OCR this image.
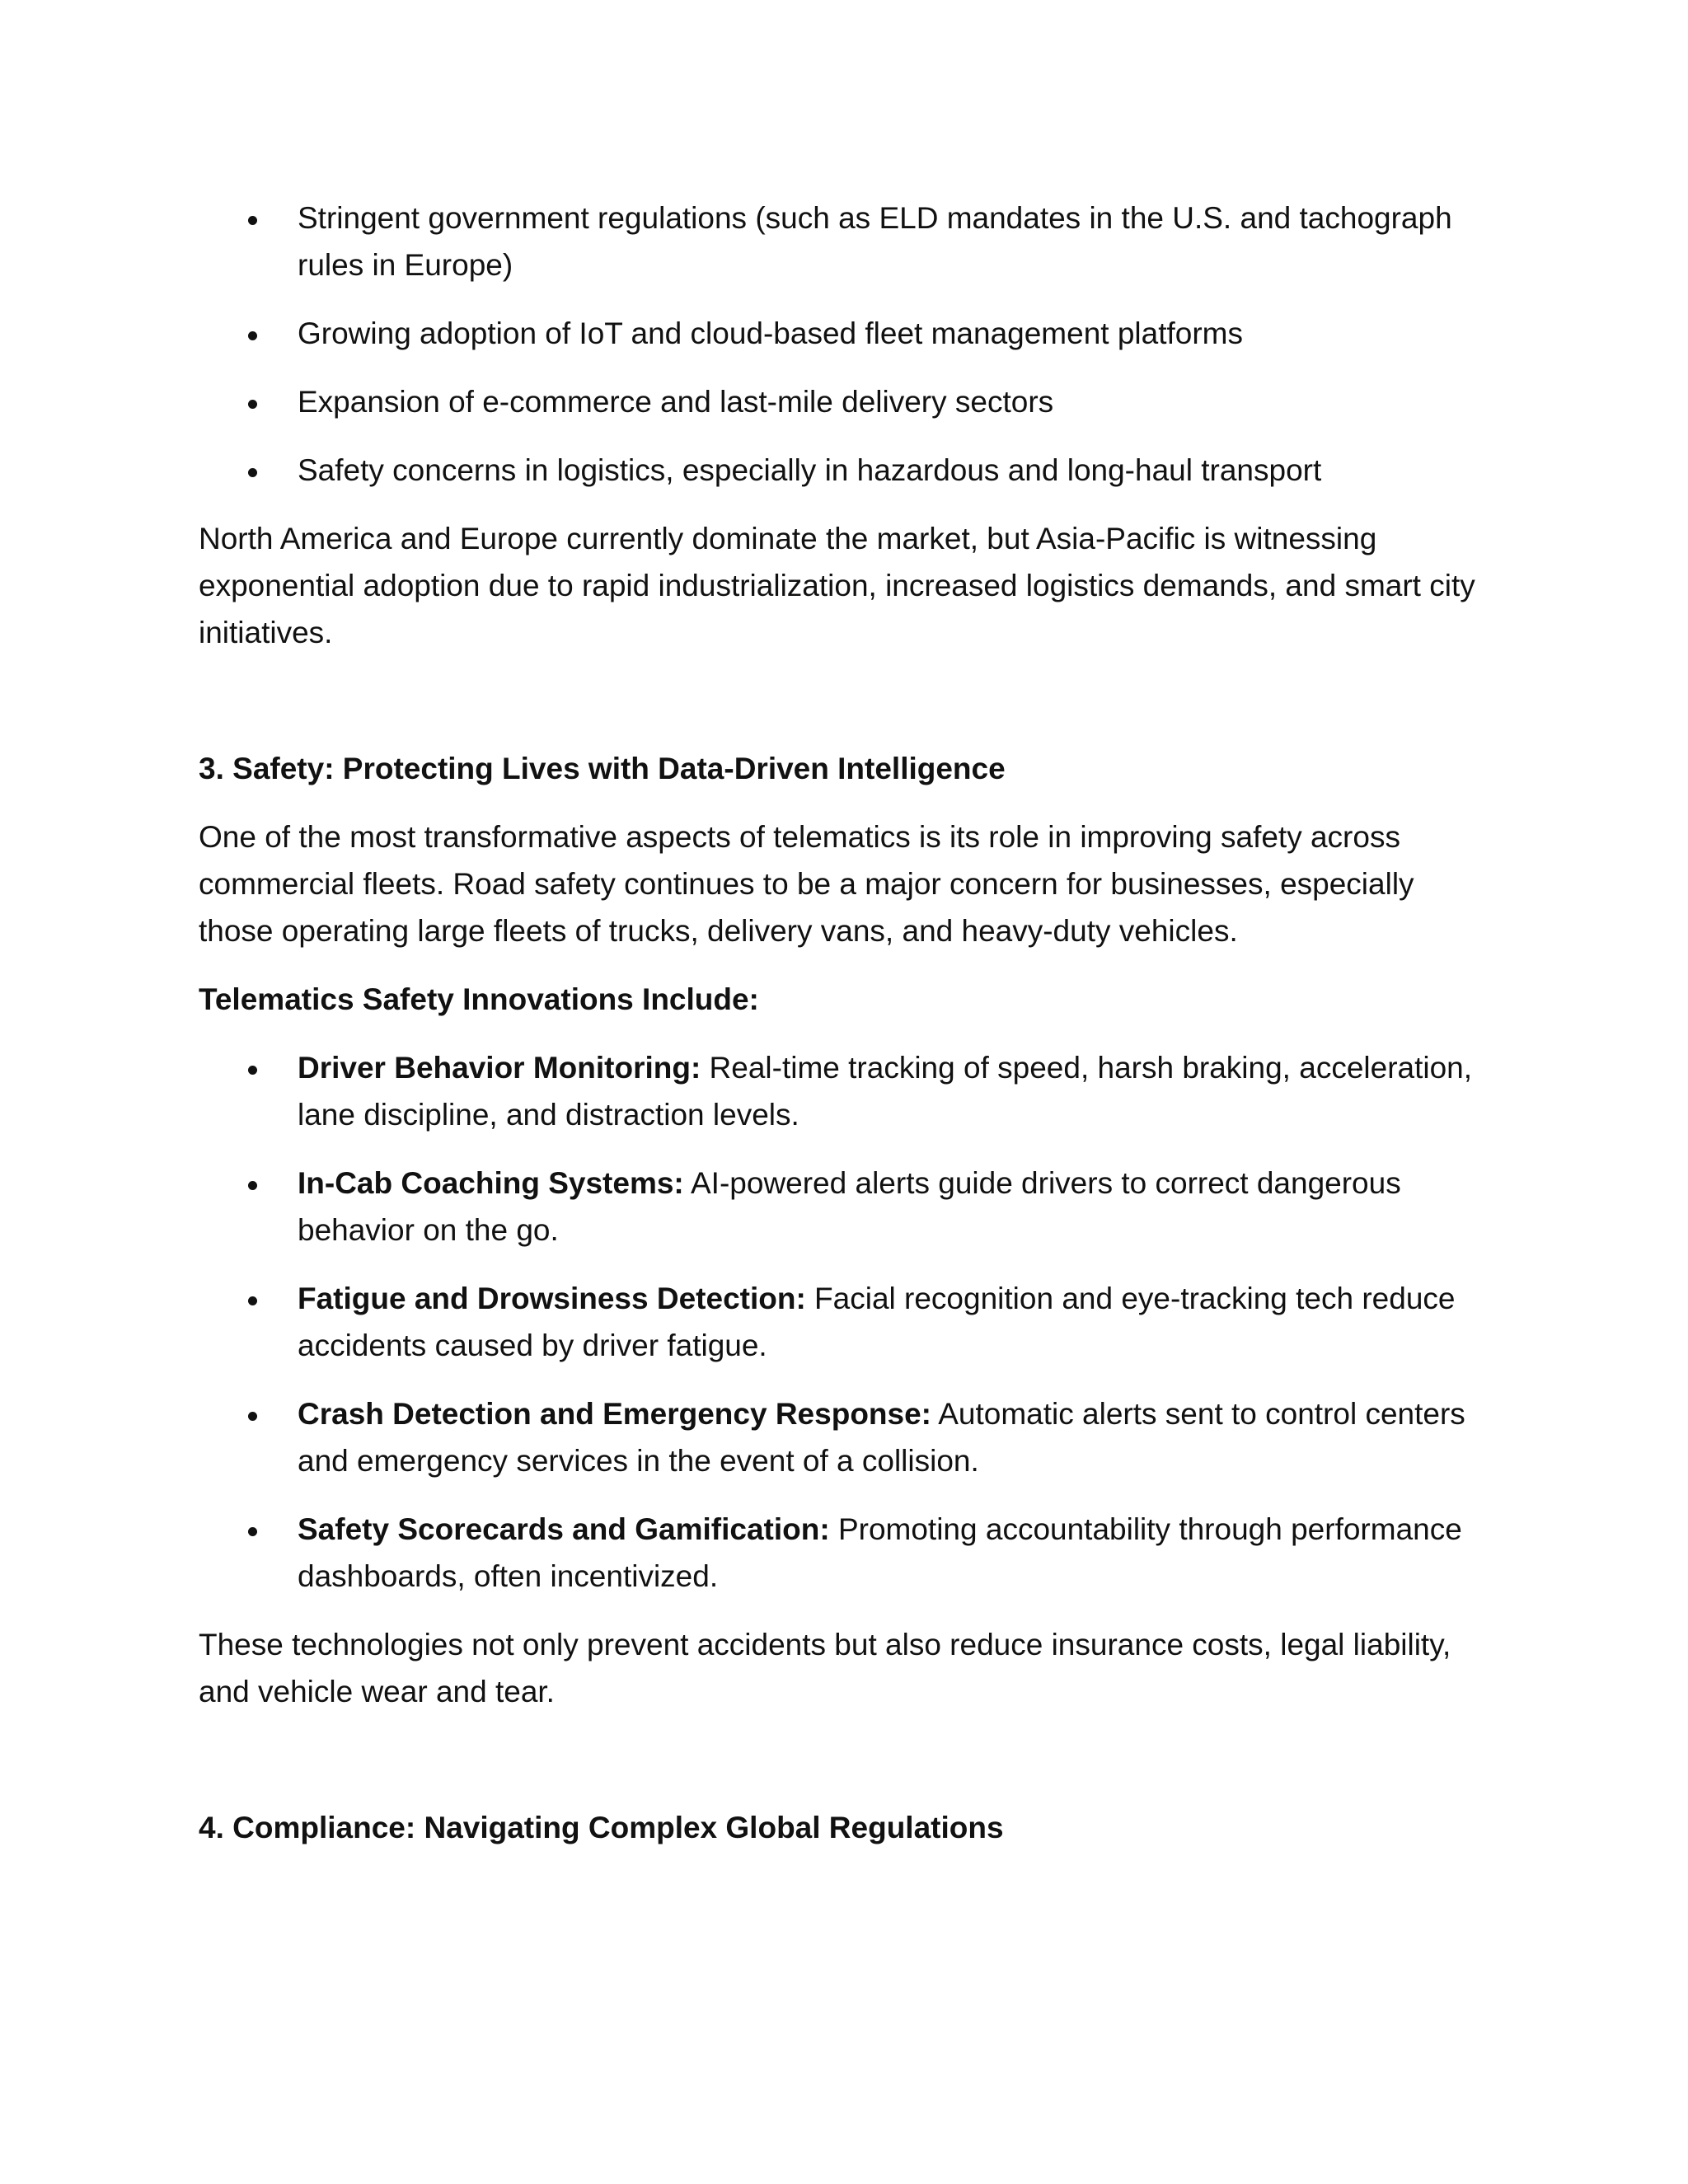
Stringent government regulations (such as ELD mandates in the U.S. and tachograph rules in Europe)
Growing adoption of IoT and cloud-based fleet management platforms
Expansion of e-commerce and last-mile delivery sectors
Safety concerns in logistics, especially in hazardous and long-haul transport

North America and Europe currently dominate the market, but Asia-Pacific is witnessing exponential adoption due to rapid industrialization, increased logistics demands, and smart city initiatives.

3. Safety: Protecting Lives with Data-Driven Intelligence

One of the most transformative aspects of telematics is its role in improving safety across commercial fleets. Road safety continues to be a major concern for businesses, especially those operating large fleets of trucks, delivery vans, and heavy-duty vehicles.

Telematics Safety Innovations Include:
Driver Behavior Monitoring: Real-time tracking of speed, harsh braking, acceleration, lane discipline, and distraction levels.
In-Cab Coaching Systems: AI-powered alerts guide drivers to correct dangerous behavior on the go.
Fatigue and Drowsiness Detection: Facial recognition and eye-tracking tech reduce accidents caused by driver fatigue.
Crash Detection and Emergency Response: Automatic alerts sent to control centers and emergency services in the event of a collision.
Safety Scorecards and Gamification: Promoting accountability through performance dashboards, often incentivized.

These technologies not only prevent accidents but also reduce insurance costs, legal liability, and vehicle wear and tear.

4. Compliance: Navigating Complex Global Regulations
